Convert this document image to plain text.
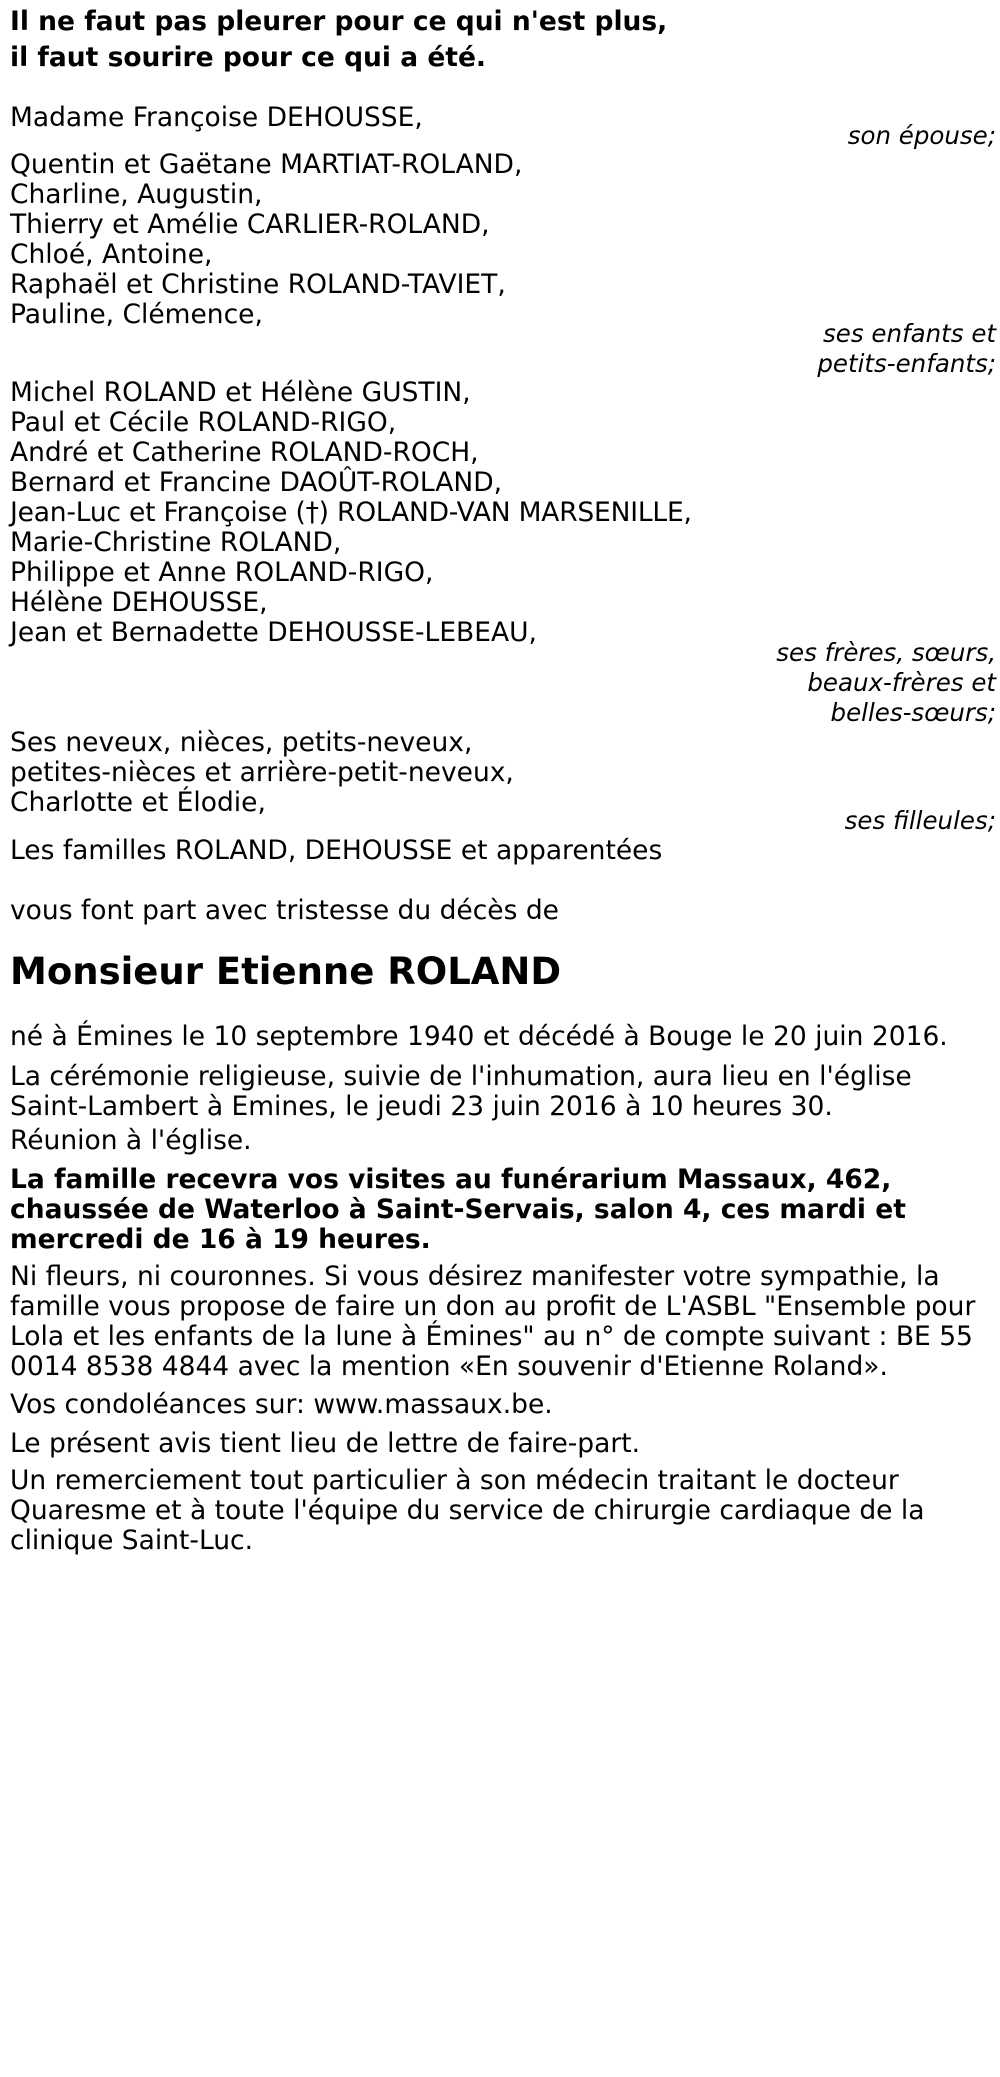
Il ne faut pas pleurer pour ce qui n'est plus,
il faut sourire pour ce qui a été.
Madame Françoise DEHOUSSE,
son épouse;
Quentin et Gaëtane MARTIAT-ROLAND,
Charline, Augustin,
Thierry et Amélie CARLIER-ROLAND,
Chloé, Antoine,
Raphaël et Christine ROLAND-TAVIET,
Pauline, Clémence,
ses enfants et
petits-enfants;
Michel ROLAND et Hélène GUSTIN,
Paul et Cécile ROLAND-RIGO,
André et Catherine ROLAND-ROCH,
Bernard et Francine DAOÛT-ROLAND,
Jean-Luc et Françoise (†) ROLAND-VAN MARSENILLE,
Marie-Christine ROLAND,
Philippe et Anne ROLAND-RIGO,
Hélène DEHOUSSE,
Jean et Bernadette DEHOUSSE-LEBEAU,
ses frères, sœurs,
beaux-frères et
belles-sœurs;
Ses neveux, nièces, petits-neveux,
petites-nièces et arrière-petit-neveux,
Charlotte et Élodie,
ses filleules;
Les familles ROLAND, DEHOUSSE et apparentées
vous font part avec tristesse du décès de
Monsieur Etienne ROLAND
né à Émines le 10 septembre 1940 et décédé à Bouge le 20 juin 2016.
La cérémonie religieuse, suivie de l'inhumation, aura lieu en l'église Saint-Lambert à Emines, le jeudi 23 juin 2016 à 10 heures 30.
Réunion à l'église.
La famille recevra vos visites au funérarium Massaux, 462, chaussée de Waterloo à Saint-Servais, salon 4, ces mardi et mercredi de 16 à 19 heures.
Ni fleurs, ni couronnes. Si vous désirez manifester votre sympathie, la famille vous propose de faire un don au profit de L'ASBL "Ensemble pour Lola et les enfants de la lune à Émines" au n° de compte suivant : BE 55 0014 8538 4844 avec la mention «En souvenir d'Etienne Roland».
Vos condoléances sur: www.massaux.be.
Le présent avis tient lieu de lettre de faire-part.
Un remerciement tout particulier à son médecin traitant le docteur Quaresme et à toute l'équipe du service de chirurgie cardiaque de la clinique Saint-Luc.
